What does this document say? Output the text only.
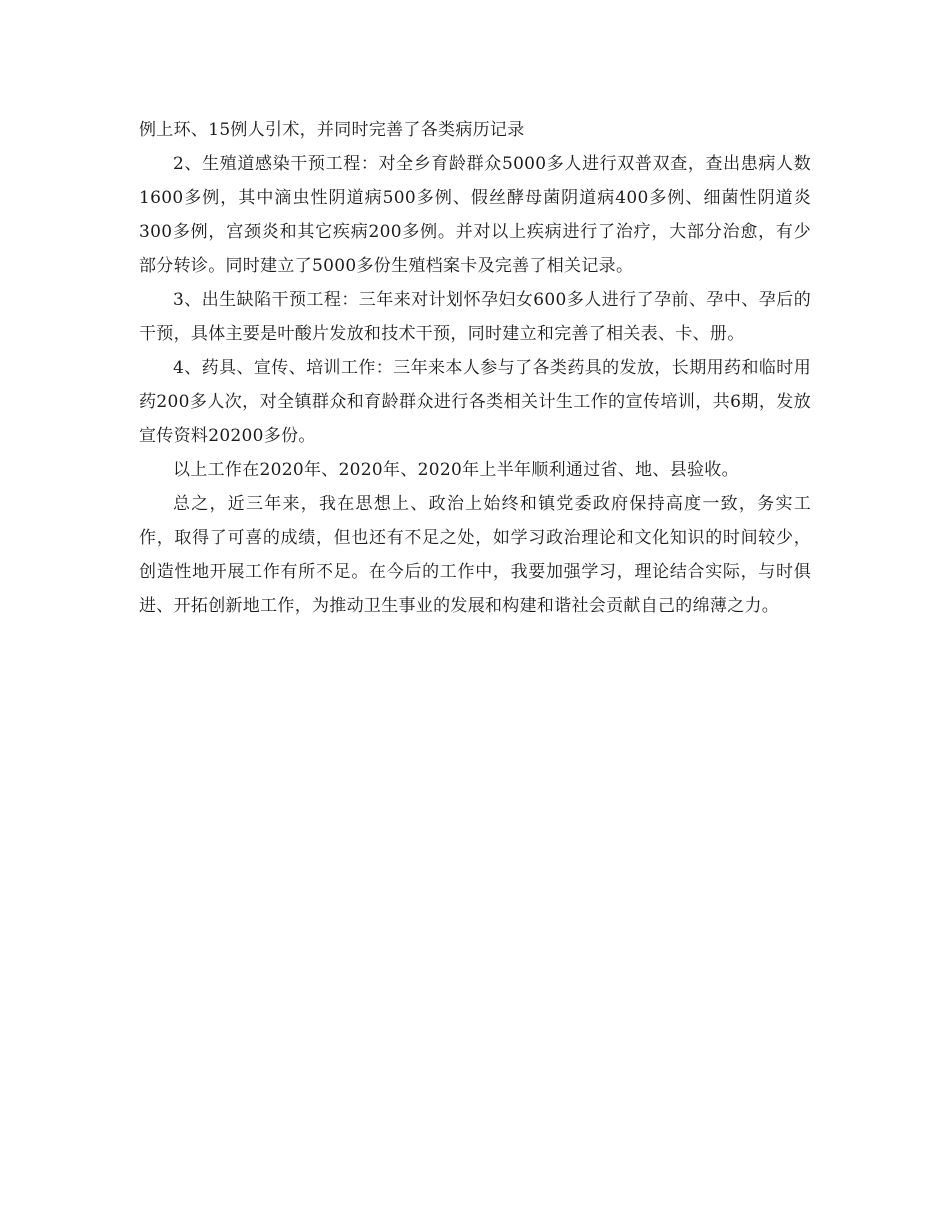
例上环、15例人引术，并同时完善了各类病历记录

2、生殖道感染干预工程：对全乡育龄群众5000多人进行双普双查，查出患病人数1600多例，其中滴虫性阴道病500多例、假丝酵母菌阴道病400多例、细菌性阴道炎300多例，宫颈炎和其它疾病200多例。并对以上疾病进行了治疗，大部分治愈，有少部分转诊。同时建立了5000多份生殖档案卡及完善了相关记录。

3、出生缺陷干预工程：三年来对计划怀孕妇女600多人进行了孕前、孕中、孕后的干预，具体主要是叶酸片发放和技术干预，同时建立和完善了相关表、卡、册。

4、药具、宣传、培训工作：三年来本人参与了各类药具的发放，长期用药和临时用药200多人次，对全镇群众和育龄群众进行各类相关计生工作的宣传培训，共6期，发放宣传资料20200多份。

以上工作在2020年、2020年、2020年上半年顺利通过省、地、县验收。

总之，近三年来，我在思想上、政治上始终和镇党委政府保持高度一致，务实工作，取得了可喜的成绩，但也还有不足之处，如学习政治理论和文化知识的时间较少，创造性地开展工作有所不足。在今后的工作中，我要加强学习，理论结合实际，与时俱进、开拓创新地工作，为推动卫生事业的发展和构建和谐社会贡献自己的绵薄之力。
